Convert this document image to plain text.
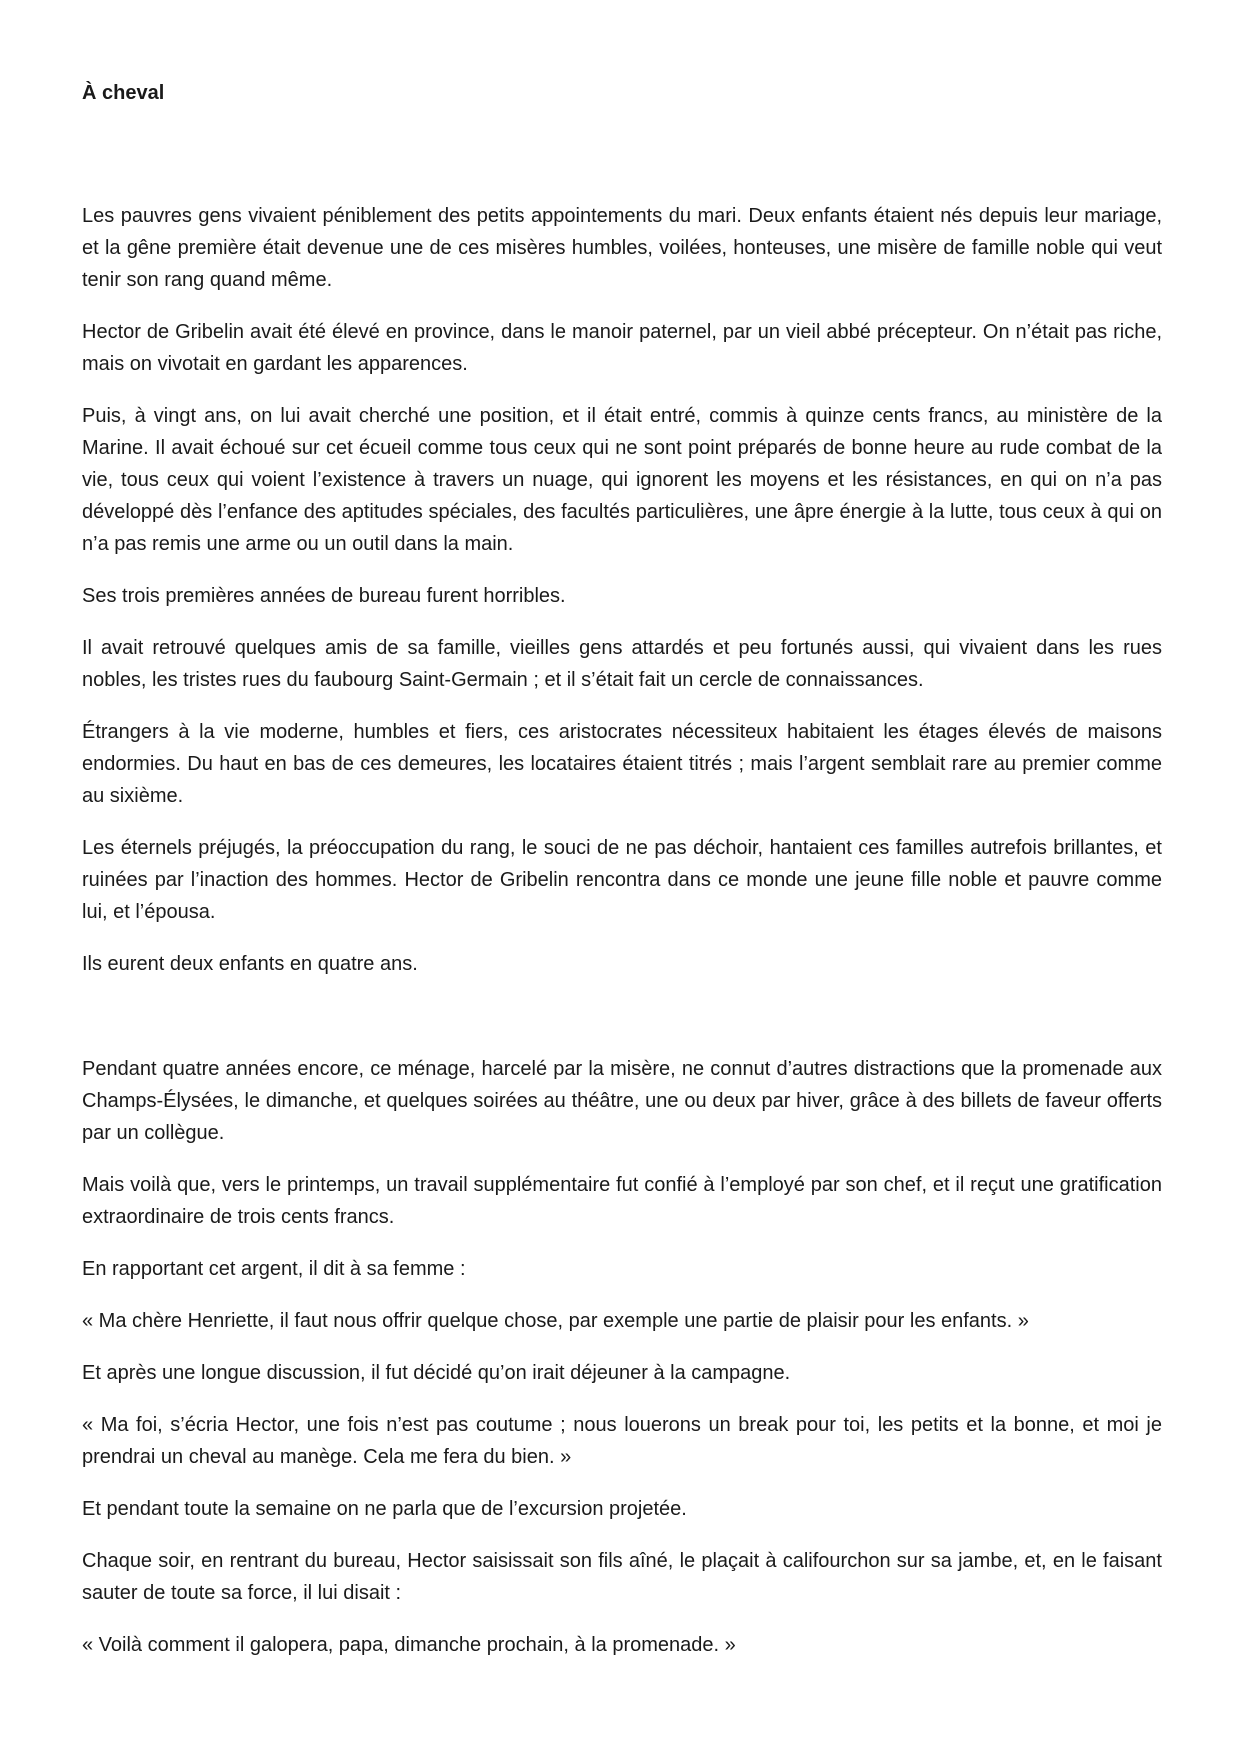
À cheval

Les pauvres gens vivaient péniblement des petits appointements du mari. Deux enfants étaient nés depuis leur mariage, et la gêne première était devenue une de ces misères humbles, voilées, honteuses, une misère de famille noble qui veut tenir son rang quand même.

Hector de Gribelin avait été élevé en province, dans le manoir paternel, par un vieil abbé précepteur. On n’était pas riche, mais on vivotait en gardant les apparences.

Puis, à vingt ans, on lui avait cherché une position, et il était entré, commis à quinze cents francs, au ministère de la Marine. Il avait échoué sur cet écueil comme tous ceux qui ne sont point préparés de bonne heure au rude combat de la vie, tous ceux qui voient l’existence à travers un nuage, qui ignorent les moyens et les résistances, en qui on n’a pas développé dès l’enfance des aptitudes spéciales, des facultés particulières, une âpre énergie à la lutte, tous ceux à qui on n’a pas remis une arme ou un outil dans la main.

Ses trois premières années de bureau furent horribles.

Il avait retrouvé quelques amis de sa famille, vieilles gens attardés et peu fortunés aussi, qui vivaient dans les rues nobles, les tristes rues du faubourg Saint-Germain ; et il s’était fait un cercle de connaissances.

Étrangers à la vie moderne, humbles et fiers, ces aristocrates nécessiteux habitaient les étages élevés de maisons endormies. Du haut en bas de ces demeures, les locataires étaient titrés ; mais l’argent semblait rare au premier comme au sixième.

Les éternels préjugés, la préoccupation du rang, le souci de ne pas déchoir, hantaient ces familles autrefois brillantes, et ruinées par l’inaction des hommes. Hector de Gribelin rencontra dans ce monde une jeune fille noble et pauvre comme lui, et l’épousa.

Ils eurent deux enfants en quatre ans.

Pendant quatre années encore, ce ménage, harcelé par la misère, ne connut d’autres distractions que la promenade aux Champs-Élysées, le dimanche, et quelques soirées au théâtre, une ou deux par hiver, grâce à des billets de faveur offerts par un collègue.

Mais voilà que, vers le printemps, un travail supplémentaire fut confié à l’employé par son chef, et il reçut une gratification extraordinaire de trois cents francs.

En rapportant cet argent, il dit à sa femme :

« Ma chère Henriette, il faut nous offrir quelque chose, par exemple une partie de plaisir pour les enfants. »

Et après une longue discussion, il fut décidé qu’on irait déjeuner à la campagne.

« Ma foi, s’écria Hector, une fois n’est pas coutume ; nous louerons un break pour toi, les petits et la bonne, et moi je prendrai un cheval au manège. Cela me fera du bien. »

Et pendant toute la semaine on ne parla que de l’excursion projetée.

Chaque soir, en rentrant du bureau, Hector saisissait son fils aîné, le plaçait à califourchon sur sa jambe, et, en le faisant sauter de toute sa force, il lui disait :

« Voilà comment il galopera, papa, dimanche prochain, à la promenade. »
